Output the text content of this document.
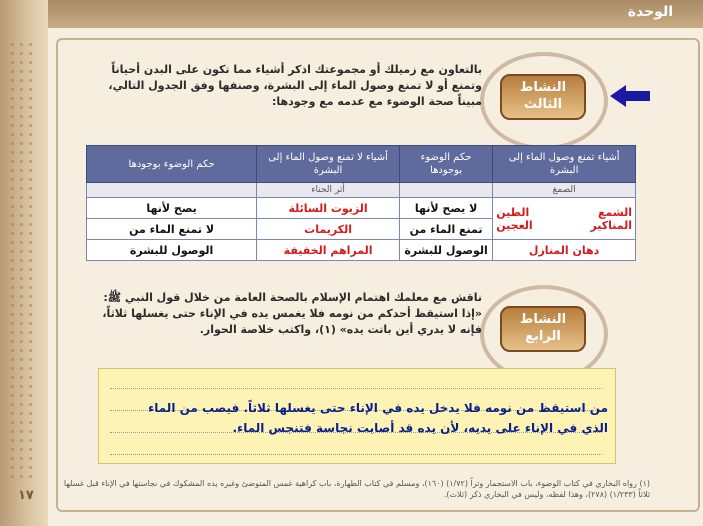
الوحدة
النشاط
الثالث
بالتعاون مع زميلك أو مجموعتك اذكر أشياء مما تكون على البدن أحياناً وتمنع أو لا تمنع وصول الماء إلى البشرة، وصنفها وفق الجدول التالي، مبيناً صحة الوضوء مع عدمه مع وجودها:
أشياء تمنع وصول الماء إلى البشرة	حكم الوضوء بوجودها	أشياء لا تمنع وصول الماء إلى البشرة	حكم الوضوء بوجودها
الصمغ		أثر الحناء	

الشمع
الطين
المناكير
العجين	لا يصح لأنها	الزيوت السائلة	يصح لأنها
	تمنع الماء من	الكريمات	لا تمنع الماء من
دهان المنازل	الوصول للبشرة	المراهم الخفيفة	الوصول للبشرة
النشاط
الرابع
ناقش مع معلمك اهتمام الإسلام بالصحة العامة من خلال قول النبي ﷺ: «إذا استيقظ أحدكم من نومه فلا يغمس يده في الإناء حتى يغسلها ثلاثاً، فإنه لا يدري أين باتت يده» (١)، واكتب خلاصة الحوار.
من استيقظ من نومه فلا يدخل يده في الإناء حتى يغسلها ثلاثاً. فيصب من الماء
الذي في الإناء على يديه، لأن يده قد أصابت نجاسة فتنجس الماء.
(١) رواه البخاري في كتاب الوضوء، باب الاستجمار وتراً (١/٧٢) (١٦٠)، ومسلم في كتاب الطهارة، باب كراهية غمس المتوضئ وغيره يده المشكوك في نجاستها في الإناء قبل غسلها ثلاثاً (١/٢٣٣) (٢٧٨)، وهذا لفظه، وليس في البخاري ذكر (ثلاث).
١٧
